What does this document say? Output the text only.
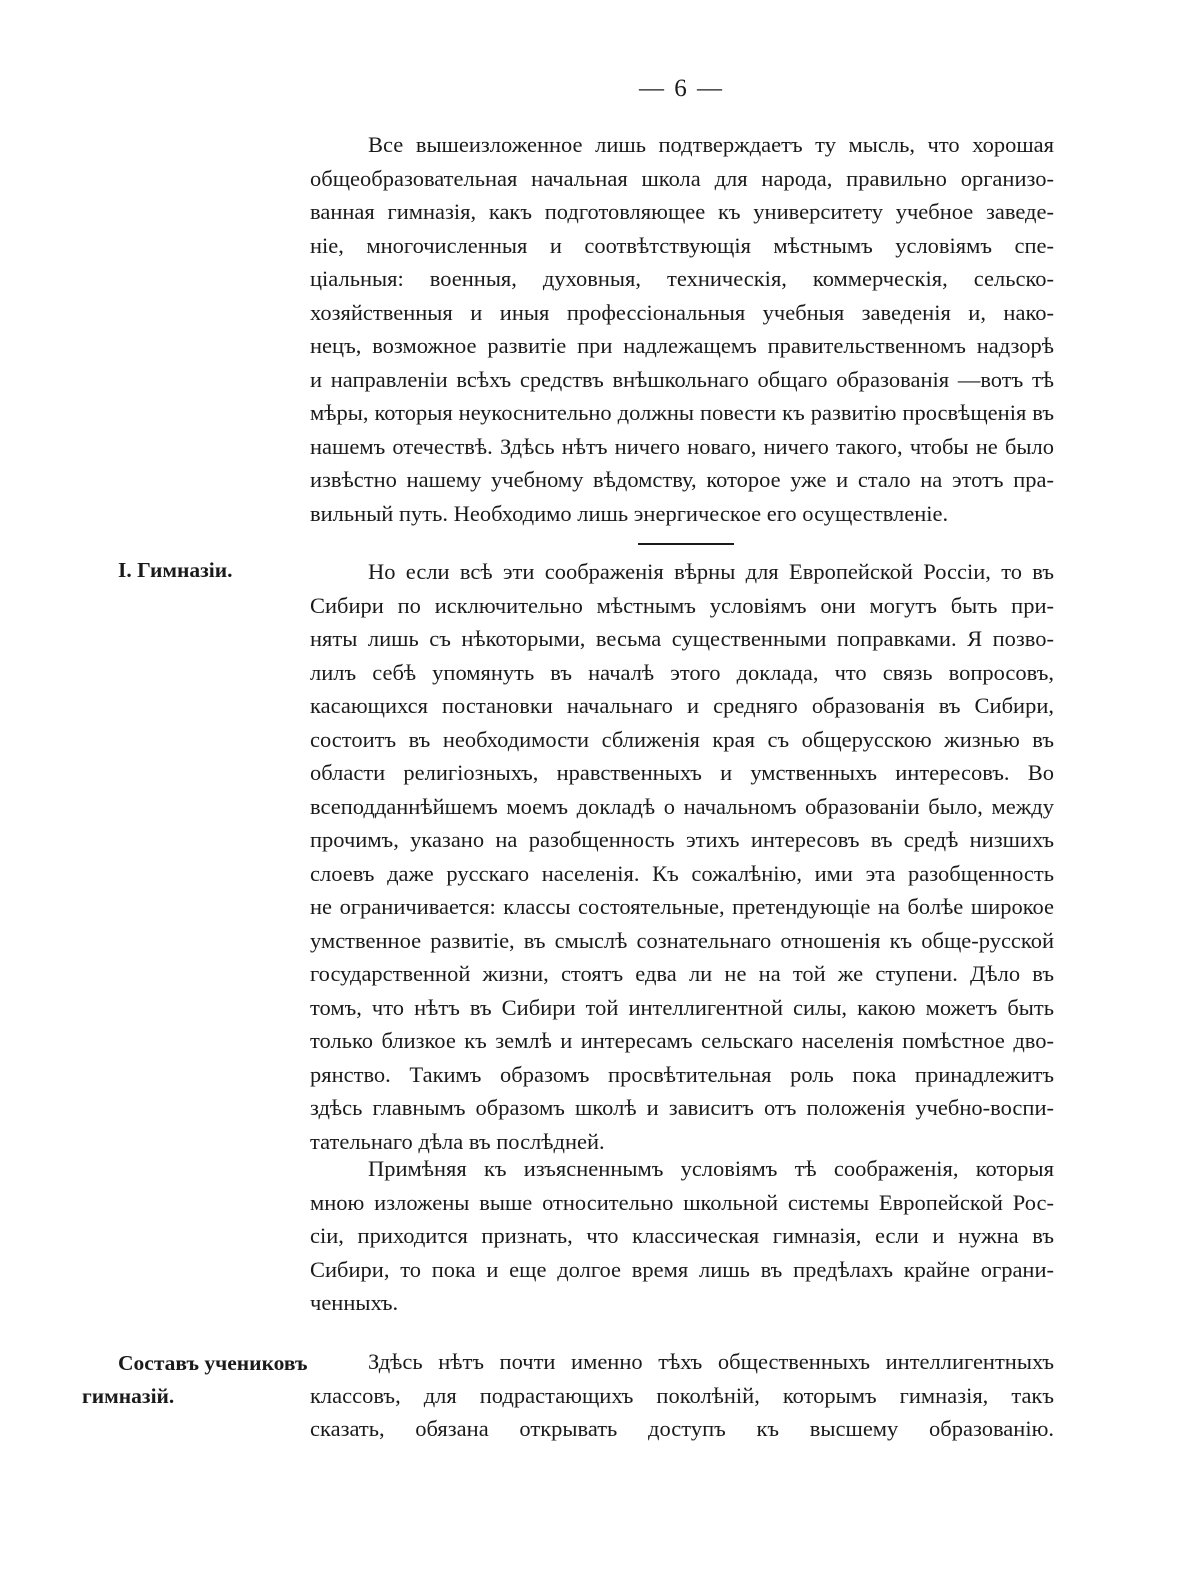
— 6 —
Все вышеизложенное лишь подтверждаетъ ту мысль, что хорошая
общеобразовательная начальная школа для народа, правильно организо-
ванная гимназія, какъ подготовляющее къ университету учебное заведе-
ніе, многочисленныя и соотвѣтствующія мѣстнымъ условіямъ спе-
ціальныя: военныя, духовныя, техническія, коммерческія, сельско-
хозяйственныя и иныя профессіональныя учебныя заведенія и, нако-
нецъ, возможное развитіе при надлежащемъ правительственномъ надзорѣ
и направленіи всѣхъ средствъ внѣшкольнаго общаго образованія —вотъ тѣ
мѣры, которыя неукоснительно должны повести къ развитію просвѣщенія въ
нашемъ отечествѣ. Здѣсь нѣтъ ничего новаго, ничего такого, чтобы не было
извѣстно нашему учебному вѣдомству, которое уже и стало на этотъ пра-
вильный путь. Необходимо лишь энергическое его осуществленіе.
I. Гимназіи.	Но если всѣ эти соображенія вѣрны для Европейской Россіи, то въ
Сибири по исключительно мѣстнымъ условіямъ они могутъ быть при-
няты лишь съ нѣкоторыми, весьма существенными поправками. Я позво-
лилъ себѣ упомянуть въ началѣ этого доклада, что связь вопросовъ,
касающихся постановки начальнаго и средняго образованія въ Сибири,
состоитъ въ необходимости сближенія края съ общерусскою жизнью въ
области религіозныхъ, нравственныхъ и умственныхъ интересовъ. Во
всеподданнѣйшемъ моемъ докладѣ о начальномъ образованіи было, между
прочимъ, указано на разобщенность этихъ интересовъ въ средѣ низшихъ
слоевъ даже русскаго населенія. Къ сожалѣнію, ими эта разобщенность
не ограничивается: классы состоятельные, претендующіе на болѣе широкое
умственное развитіе, въ смыслѣ сознательнаго отношенія къ обще-русской
государственной жизни, стоятъ едва ли не на той же ступени. Дѣло въ
томъ, что нѣтъ въ Сибири той интеллигентной силы, какою можетъ быть
только близкое къ землѣ и интересамъ сельскаго населенія помѣстное дво-
рянство. Такимъ образомъ просвѣтительная роль пока принадлежитъ
здѣсь главнымъ образомъ школѣ и зависитъ отъ положенія учебно-воспи-
тательнаго дѣла въ послѣдней.
Примѣняя къ изъясненнымъ условіямъ тѣ соображенія, которыя
мною изложены выше относительно школьной системы Европейской Рос-
сіи, приходится признать, что классическая гимназія, если и нужна въ
Сибири, то пока и еще долгое время лишь въ предѣлахъ крайне ограни-
ченныхъ.
Составъ учениковъ
гимназій.
Здѣсь нѣтъ почти именно тѣхъ общественныхъ интеллигентныхъ
классовъ, для подрастающихъ поколѣній, которымъ гимназія, такъ
сказать, обязана открывать доступъ къ высшему образованію.
